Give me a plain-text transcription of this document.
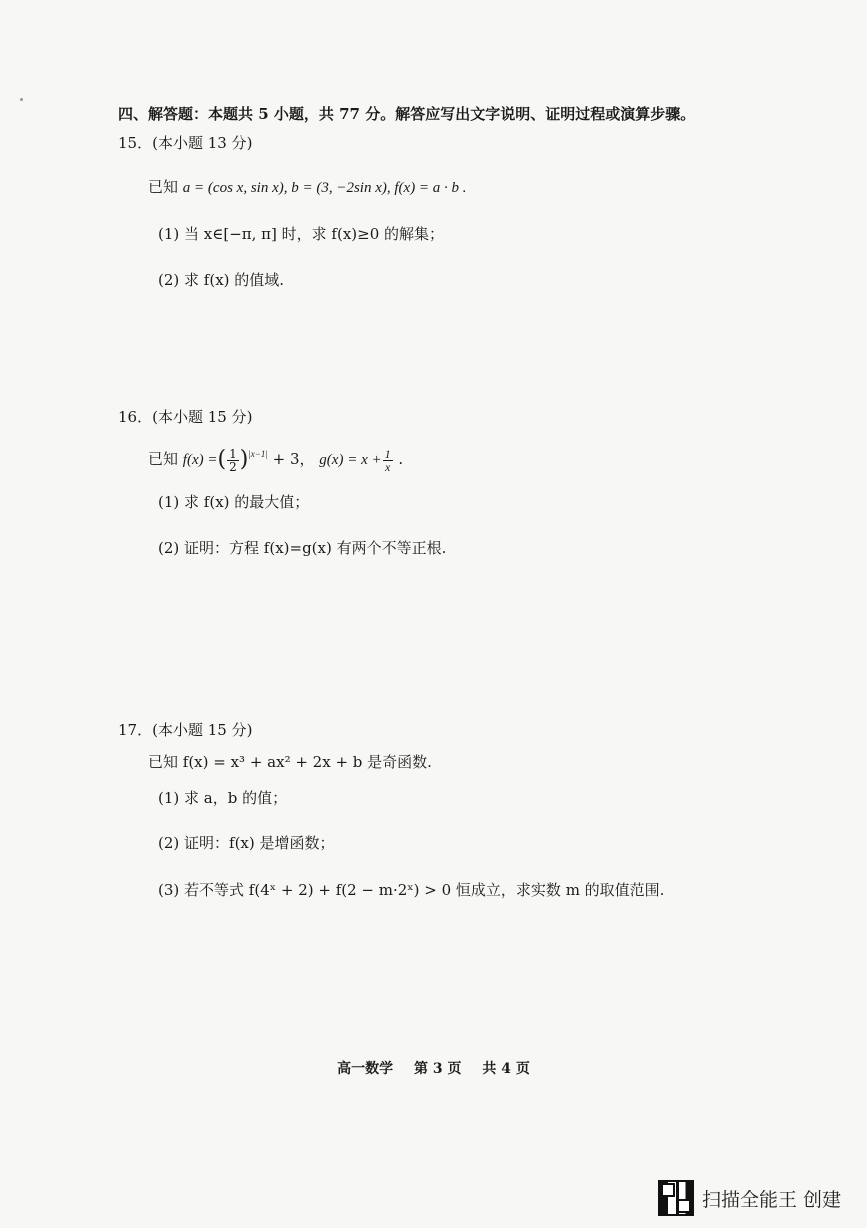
四、解答题：本题共 5 小题，共 77 分。解答应写出文字说明、证明过程或演算步骤。
15．(本小题 13 分)
已知 a = (cos x, sin x), b = (3, −2sin x), f(x) = a · b .
(1) 当 x∈[−π, π] 时，求 f(x)≥0 的解集；
(2) 求 f(x) 的值域.
16．(本小题 15 分)
已知 f(x) =( $\frac{1}{2} )^{|x-1|} + 3$， $g(x) = x + \frac{1}{x}$ .
(1) 求 f(x) 的最大值；
(2) 证明：方程 f(x)=g(x) 有两个不等正根.
17．(本小题 15 分)
已知 f(x) = x³ + ax² + 2x + b 是奇函数.
(1) 求 a，b 的值；
(2) 证明：f(x) 是增函数；
(3) 若不等式 f(4ˣ + 2) + f(2 − m·2ˣ) > 0 恒成立，求实数 m 的取值范围.
高一数学 第 3 页 共 4 页
扫描全能王 创建
